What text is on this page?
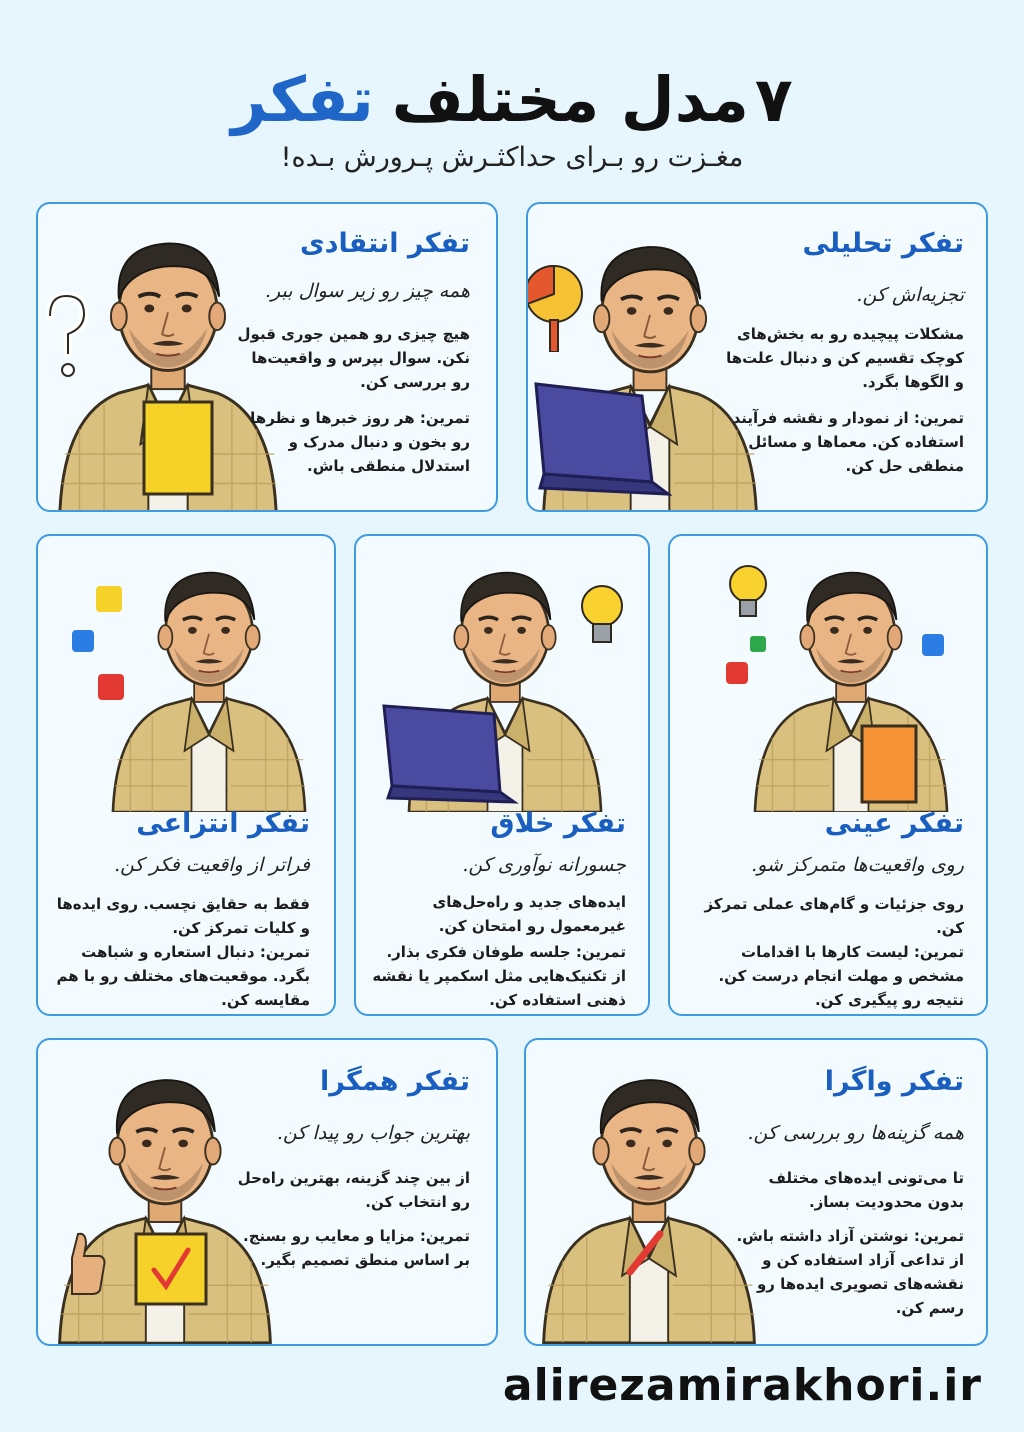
۷
مدل مختلف
تفکر
مغـزت رو بـرای حداکثـرش پـرورش بـده!
تفکر تحلیلی
تجزیه‌اش کن.
مشکلات پیچیده رو به بخش‌های کوچک تقسیم کن و دنبال علت‌ها و الگوها بگرد.
تمرین: از نمودار و نقشه فرآیند استفاده کن. معماها و مسائل منطقی حل کن.
تفکر انتقادی
همه چیز رو زیر سوال ببر.
هیچ چیزی رو همین جوری قبول نکن. سوال بپرس و واقعیت‌ها رو بررسی کن.
تمرین: هر روز خبرها و نظرها رو بخون و دنبال مدرک و استدلال منطقی باش.
تفکر عینی
روی واقعیت‌ها متمرکز شو.
روی جزئیات و گام‌های عملی تمرکز کن.
تمرین: لیست کارها با اقدامات مشخص و مهلت انجام درست کن. نتیجه رو پیگیری کن.
تفکر خلاق
جسورانه نوآوری کن.
ایده‌های جدید و راه‌حل‌های غیرمعمول رو امتحان کن.
تمرین: جلسه طوفان فکری بذار. از تکنیک‌هایی مثل اسکمپر یا نقشه ذهنی استفاده کن.
تفکر انتزاعی
فراتر از واقعیت فکر کن.
فقط به حقایق نچسب. روی ایده‌ها و کلیات تمرکز کن.
تمرین: دنبال استعاره و شباهت بگرد. موقعیت‌های مختلف رو با هم مقایسه کن.
تفکر واگرا
همه گزینه‌ها رو بررسی کن.
تا می‌تونی ایده‌های مختلف بدون محدودیت بساز.
تمرین: نوشتن آزاد داشته باش. از تداعی آزاد استفاده کن و نقشه‌های تصویری ایده‌ها رو رسم کن.
تفکر همگرا
بهترین جواب رو پیدا کن.
از بین چند گزینه، بهترین راه‌حل رو انتخاب کن.
تمرین: مزایا و معایب رو بسنج. بر اساس منطق تصمیم بگیر.
alirezamirakhori.ir
